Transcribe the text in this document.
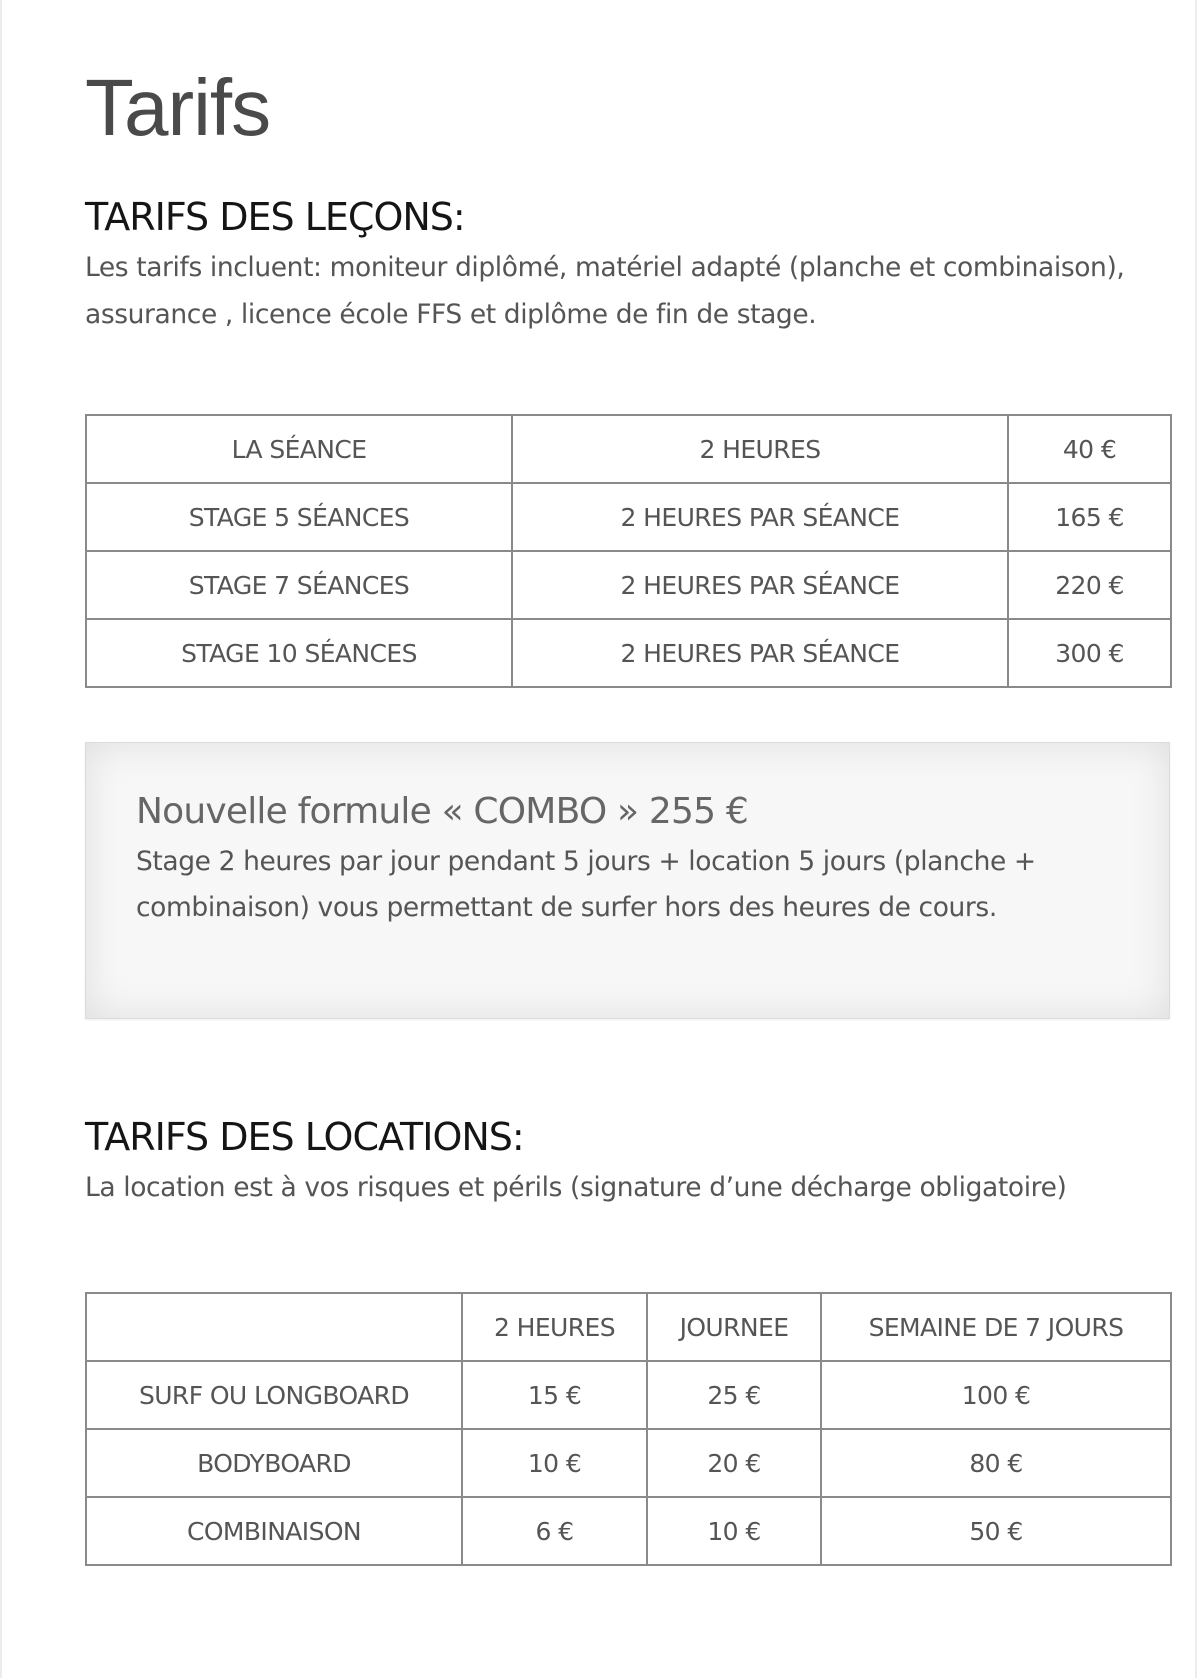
Tarifs
TARIFS DES LEÇONS:

Les tarifs incluent: moniteur diplômé, matériel adapté (planche et combinaison), assurance , licence école FFS et diplôme de fin de stage.

LA SÉANCE	2 HEURES	40 €
STAGE 5 SÉANCES	2 HEURES PAR SÉANCE	165 €
STAGE 7 SÉANCES	2 HEURES PAR SÉANCE	220 €
STAGE 10 SÉANCES	2 HEURES PAR SÉANCE	300 €
Nouvelle formule « COMBO » 255 €

Stage 2 heures par jour pendant 5 jours + location 5 jours (planche + combinaison) vous permettant de surfer hors des heures de cours.

TARIFS DES LOCATIONS:

La location est à vos risques et périls (signature d’une décharge obligatoire)

	2 HEURES	JOURNEE	SEMAINE DE 7 JOURS
SURF OU LONGBOARD	15 €	25 €	100 €
BODYBOARD	10 €	20 €	80 €
COMBINAISON	6 €	10 €	50 €
